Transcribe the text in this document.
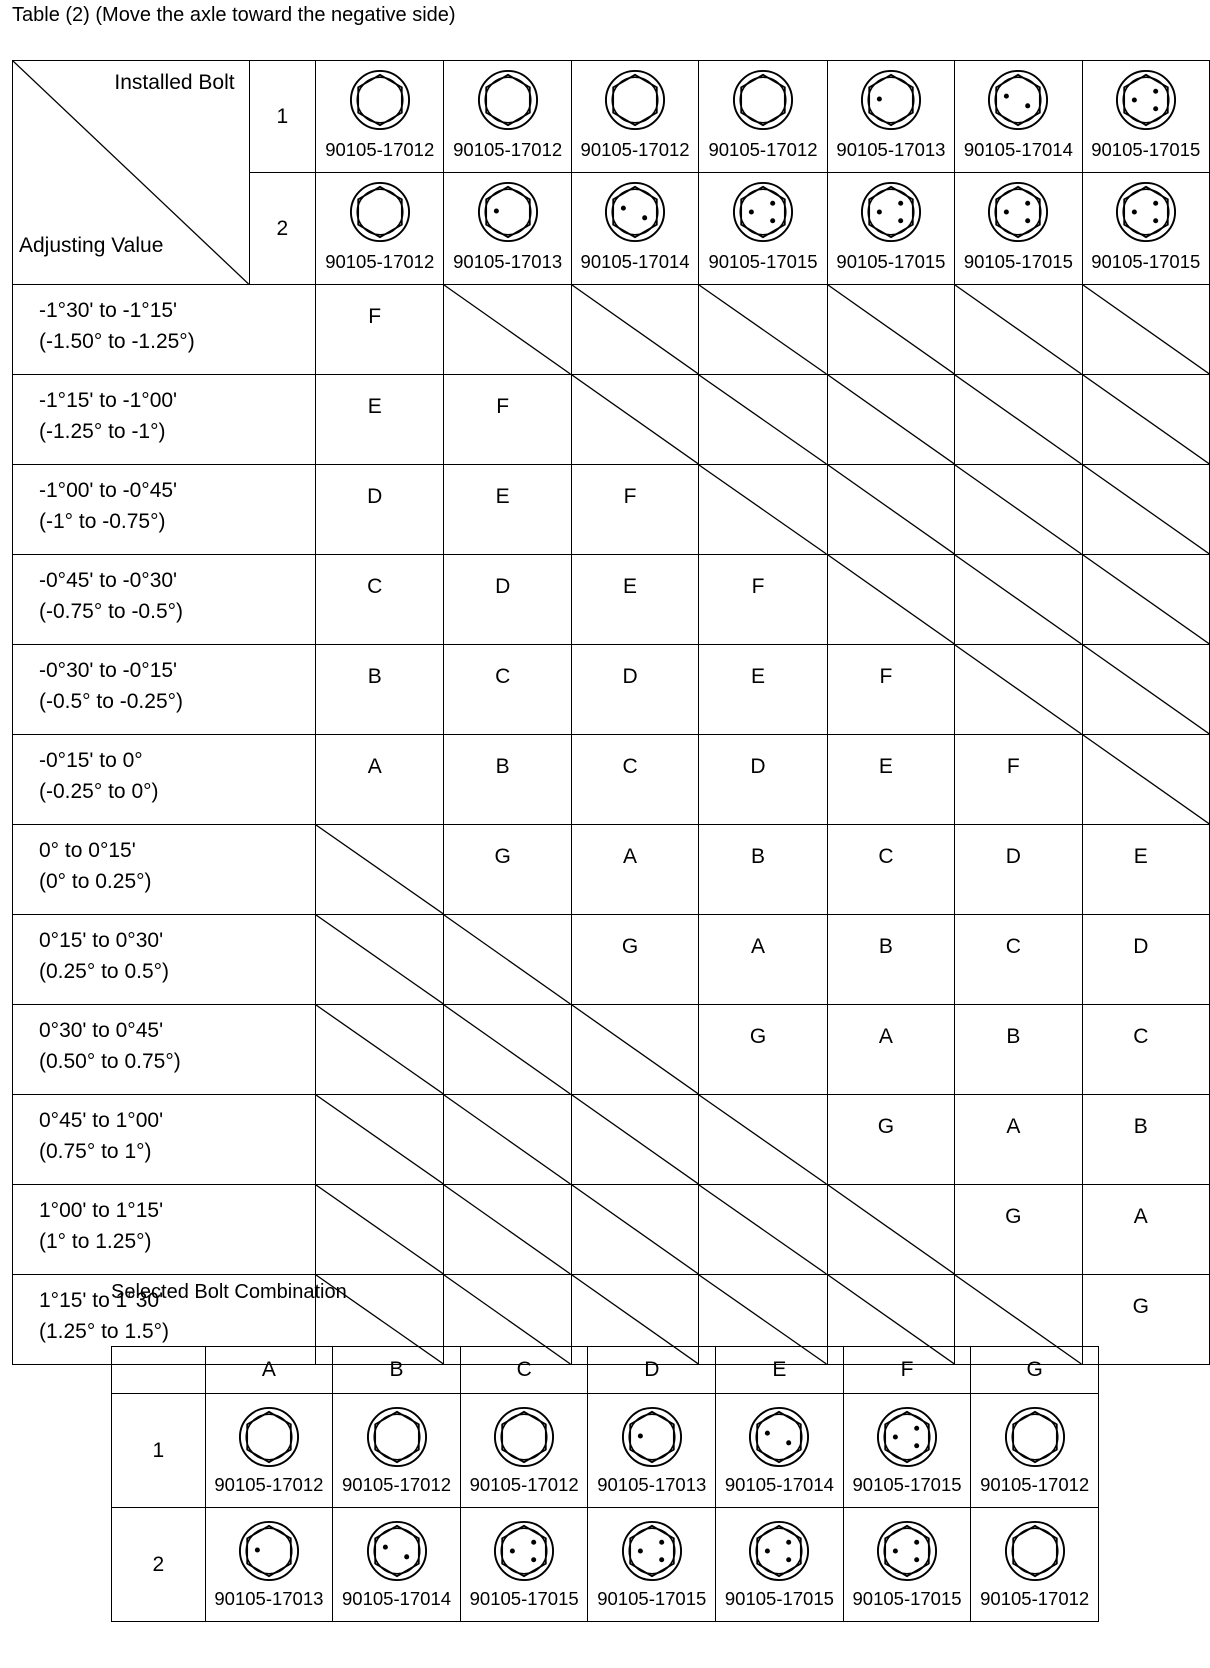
Table (2) (Move the axle toward the negative side)
Installed Bolt
Adjusting Value	1	90105-17012	90105-17012	90105-17012	90105-17012	90105-17013	90105-17014	90105-17015

	2	90105-17012	90105-17013	90105-17014	90105-17015	90105-17015	90105-17015	90105-17015

-1°30' to -1°15'
(-1.50° to -1.25°)		F

-1°15' to -1°00'
(-1.25° to -1°)		E	F

-1°00' to -0°45'
(-1° to -0.75°)		D	E	F

-0°45' to -0°30'
(-0.75° to -0.5°)		C	D	E	F

-0°30' to -0°15'
(-0.5° to -0.25°)		B	C	D	E	F

-0°15' to 0°
(-0.25° to 0°)		A	B	C	D	E	F

0° to 0°15'
(0° to 0.25°)			G	A	B	C	D	E

0°15' to 0°30'
(0.25° to 0.5°)				G	A	B	C	D

0°30' to 0°45'
(0.50° to 0.75°)					G	A	B	C

0°45' to 1°00'
(0.75° to 1°)						G	A	B

1°00' to 1°15'
(1° to 1.25°)							G	A

1°15' to 1°30'
(1.25° to 1.5°)								G
Selected Bolt Combination
	A	B	C	D	E	F	G
1	90105-17012	90105-17012	90105-17012	90105-17013	90105-17014	90105-17015	90105-17012

2	90105-17013	90105-17014	90105-17015	90105-17015	90105-17015	90105-17015	90105-17012
